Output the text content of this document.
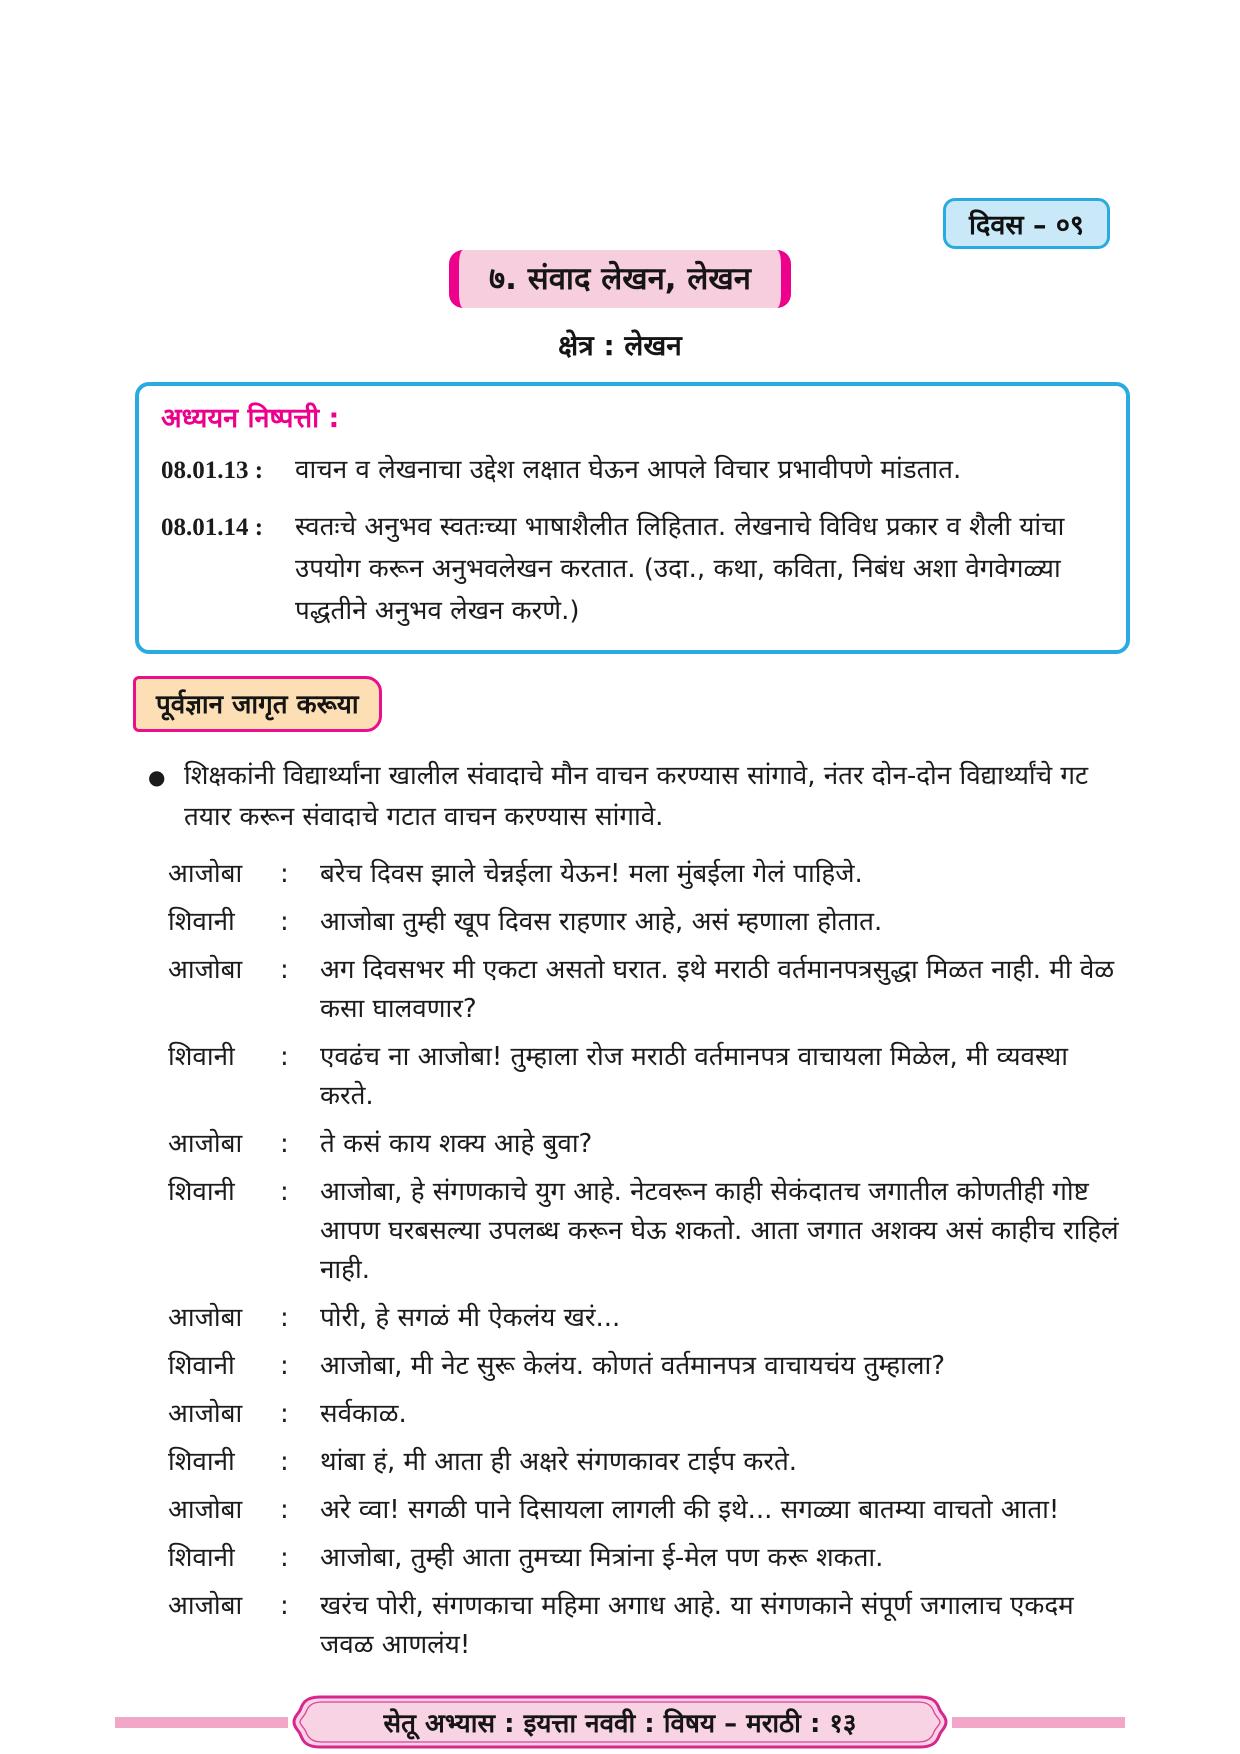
दिवस – ०९
७. संवाद लेखन, लेखन
क्षेत्र : लेखन
अध्ययन निष्पत्ती :
08.01.13 :	वाचन व लेखनाचा उद्देश लक्षात घेऊन आपले विचार प्रभावीपणे मांडतात.
08.01.14 :	स्वतःचे अनुभव स्वतःच्या भाषाशैलीत लिहितात. लेखनाचे विविध प्रकार व शैली यांचा उपयोग करून अनुभवलेखन करतात. (उदा., कथा, कविता, निबंध अशा वेगवेगळ्या पद्धतीने अनुभव लेखन करणे.)
पूर्वज्ञान जागृत करूया
● शिक्षकांनी विद्यार्थ्यांना खालील संवादाचे मौन वाचन करण्यास सांगावे, नंतर दोन-दोन विद्यार्थ्यांचे गट तयार करून संवादाचे गटात वाचन करण्यास सांगावे.
आजोबा	:	बरेच दिवस झाले चेन्नईला येऊन! मला मुंबईला गेलं पाहिजे.
शिवानी	:	आजोबा तुम्ही खूप दिवस राहणार आहे, असं म्हणाला होतात.
आजोबा	:	अग दिवसभर मी एकटा असतो घरात. इथे मराठी वर्तमानपत्रसुद्धा मिळत नाही. मी वेळ कसा घालवणार?
शिवानी	:	एवढंच ना आजोबा! तुम्हाला रोज मराठी वर्तमानपत्र वाचायला मिळेल, मी व्यवस्था करते.
आजोबा	:	ते कसं काय शक्य आहे बुवा?
शिवानी	:	आजोबा, हे संगणकाचे युग आहे. नेटवरून काही सेकंदातच जगातील कोणतीही गोष्ट आपण घरबसल्या उपलब्ध करून घेऊ शकतो. आता जगात अशक्य असं काहीच राहिलं नाही.
आजोबा	:	पोरी, हे सगळं मी ऐकलंय खरं...
शिवानी	:	आजोबा, मी नेट सुरू केलंय. कोणतं वर्तमानपत्र वाचायचंय तुम्हाला?
आजोबा	:	सर्वकाळ.
शिवानी	:	थांबा हं, मी आता ही अक्षरे संगणकावर टाईप करते.
आजोबा	:	अरे व्वा! सगळी पाने दिसायला लागली की इथे... सगळ्या बातम्या वाचतो आता!
शिवानी	:	आजोबा, तुम्ही आता तुमच्या मित्रांना ई-मेल पण करू शकता.
आजोबा	:	खरंच पोरी, संगणकाचा महिमा अगाध आहे. या संगणकाने संपूर्ण जगालाच एकदम जवळ आणलंय!
सेतू अभ्यास : इयत्ता नववी : विषय – मराठी : १३
